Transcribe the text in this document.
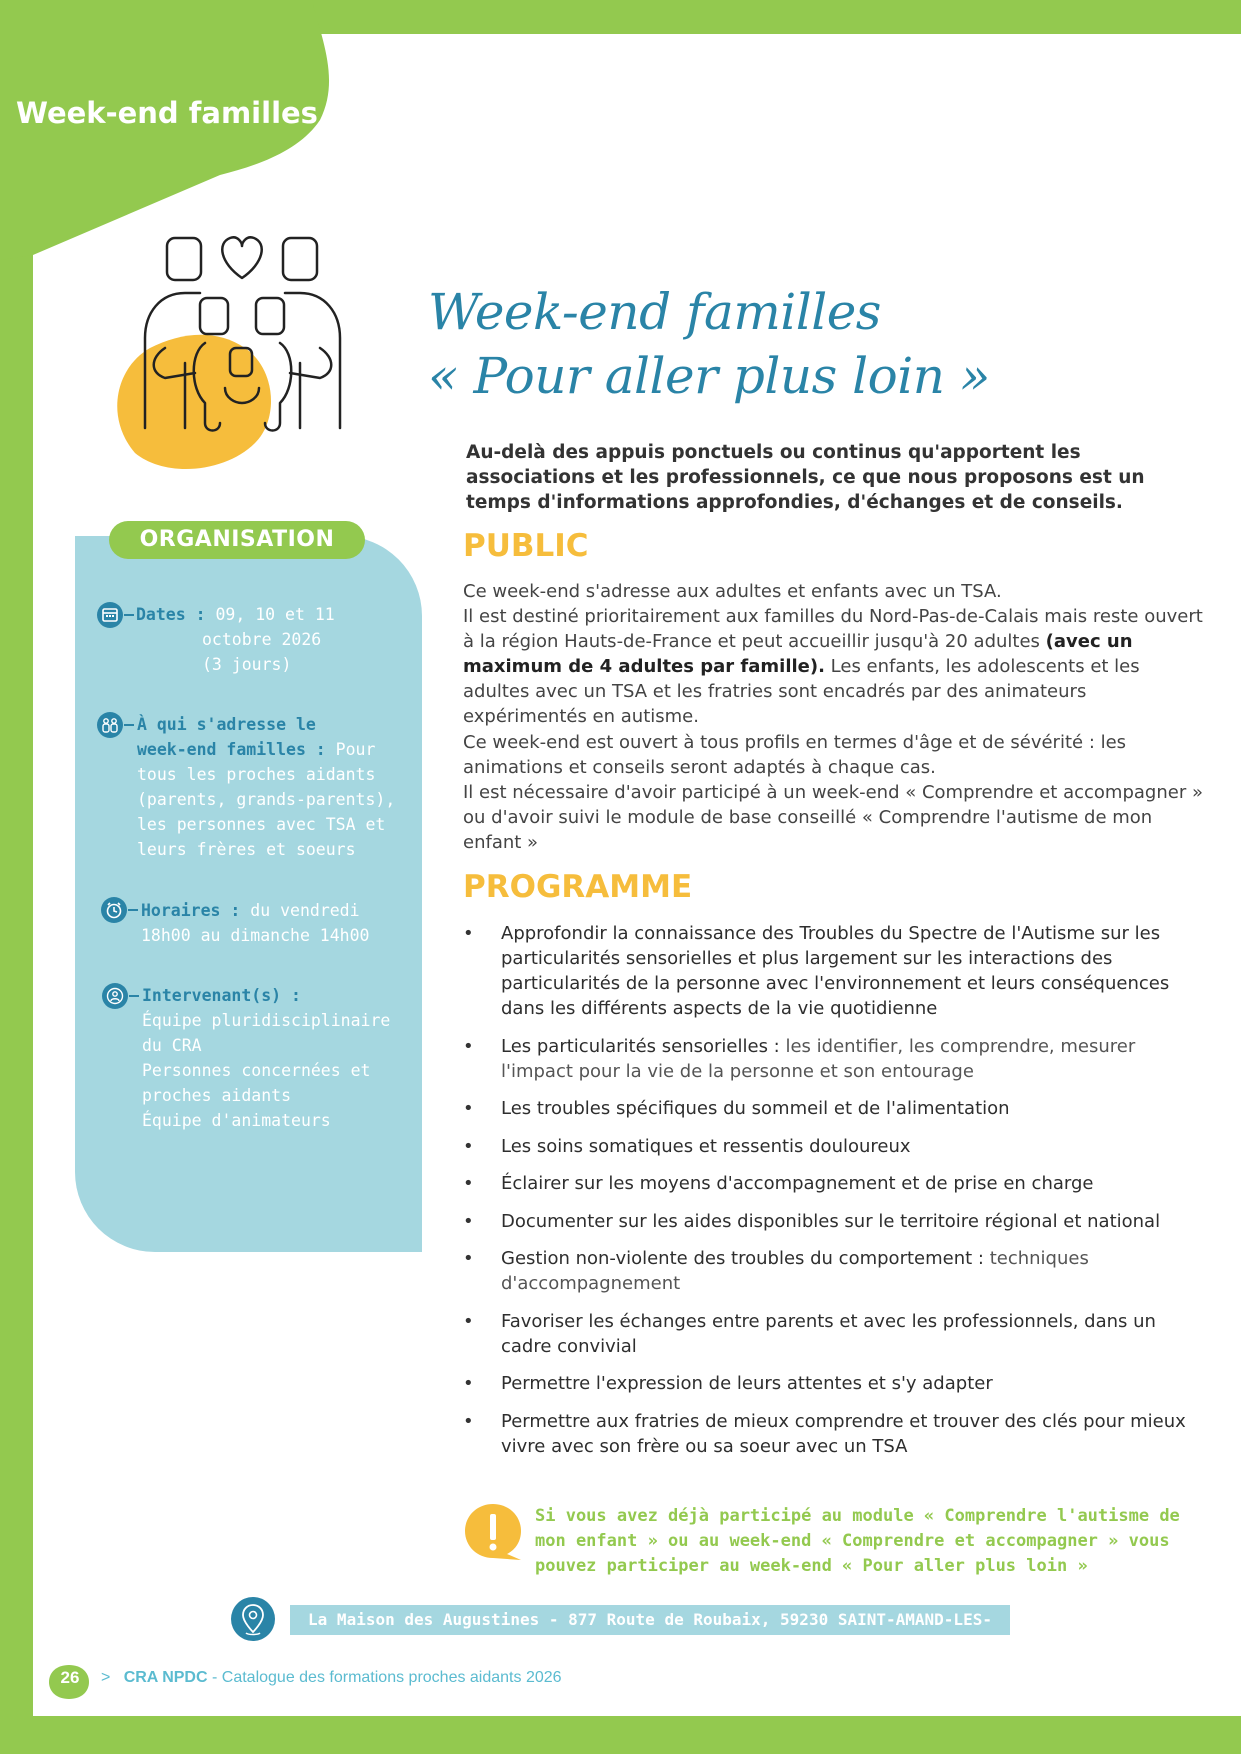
Week-end familles
Week-end familles
« Pour aller plus loin »
Au-delà des appuis ponctuels ou continus qu'apportent les associations et les professionnels, ce que nous proposons est un temps d'informations approfondies, d'échanges et de conseils.
PUBLIC

Ce week-end s'adresse aux adultes et enfants avec un TSA.

Il est destiné prioritairement aux familles du Nord-Pas-de-Calais mais reste ouvert à la région Hauts-de-France et peut accueillir jusqu'à 20 adultes (avec un maximum de 4 adultes par famille). Les enfants, les adolescents et les adultes avec un TSA et les fratries sont encadrés par des animateurs expérimentés en autisme.

Ce week-end est ouvert à tous profils en termes d'âge et de sévérité : les animations et conseils seront adaptés à chaque cas.

Il est nécessaire d'avoir participé à un week-end « Comprendre et accompagner » ou d'avoir suivi le module de base conseillé « Comprendre l'autisme de mon enfant »

PROGRAMME
• Approfondir la connaissance des Troubles du Spectre de l'Autisme sur les particularités sensorielles et plus largement sur les interactions des particularités de la personne avec l'environnement et leurs conséquences dans les différents aspects de la vie quotidienne
• Les particularités sensorielles : les identifier, les comprendre, mesurer l'impact pour la vie de la personne et son entourage
• Les troubles spécifiques du sommeil et de l'alimentation
• Les soins somatiques et ressentis douloureux
• Éclairer sur les moyens d'accompagnement et de prise en charge
• Documenter sur les aides disponibles sur le territoire régional et national
• Gestion non-violente des troubles du comportement : techniques d'accompagnement
• Favoriser les échanges entre parents et avec les professionnels, dans un cadre convivial
• Permettre l'expression de leurs attentes et s'y adapter
• Permettre aux fratries de mieux comprendre et trouver des clés pour mieux vivre avec son frère ou sa soeur avec un TSA
Si vous avez déjà participé au module « Comprendre l'autisme de mon enfant » ou au week-end « Comprendre et accompagner » vous pouvez participer au week-end « Pour aller plus loin »
ORGANISATION
Dates : 09, 10 et 11
octobre 2026
(3 jours)
À qui s'adresse le
week-end familles : Pour
tous les proches aidants
(parents, grands-parents),
les personnes avec TSA et
leurs frères et soeurs
Horaires : du vendredi
18h00 au dimanche 14h00
Intervenant(s) :
Équipe pluridisciplinaire
du CRA
Personnes concernées et
proches aidants
Équipe d'animateurs
La Maison des Augustines - 877 Route de Roubaix, 59230 SAINT-AMAND-LES-EAUX
26	> CRA NPDC - Catalogue des formations proches aidants 2026
